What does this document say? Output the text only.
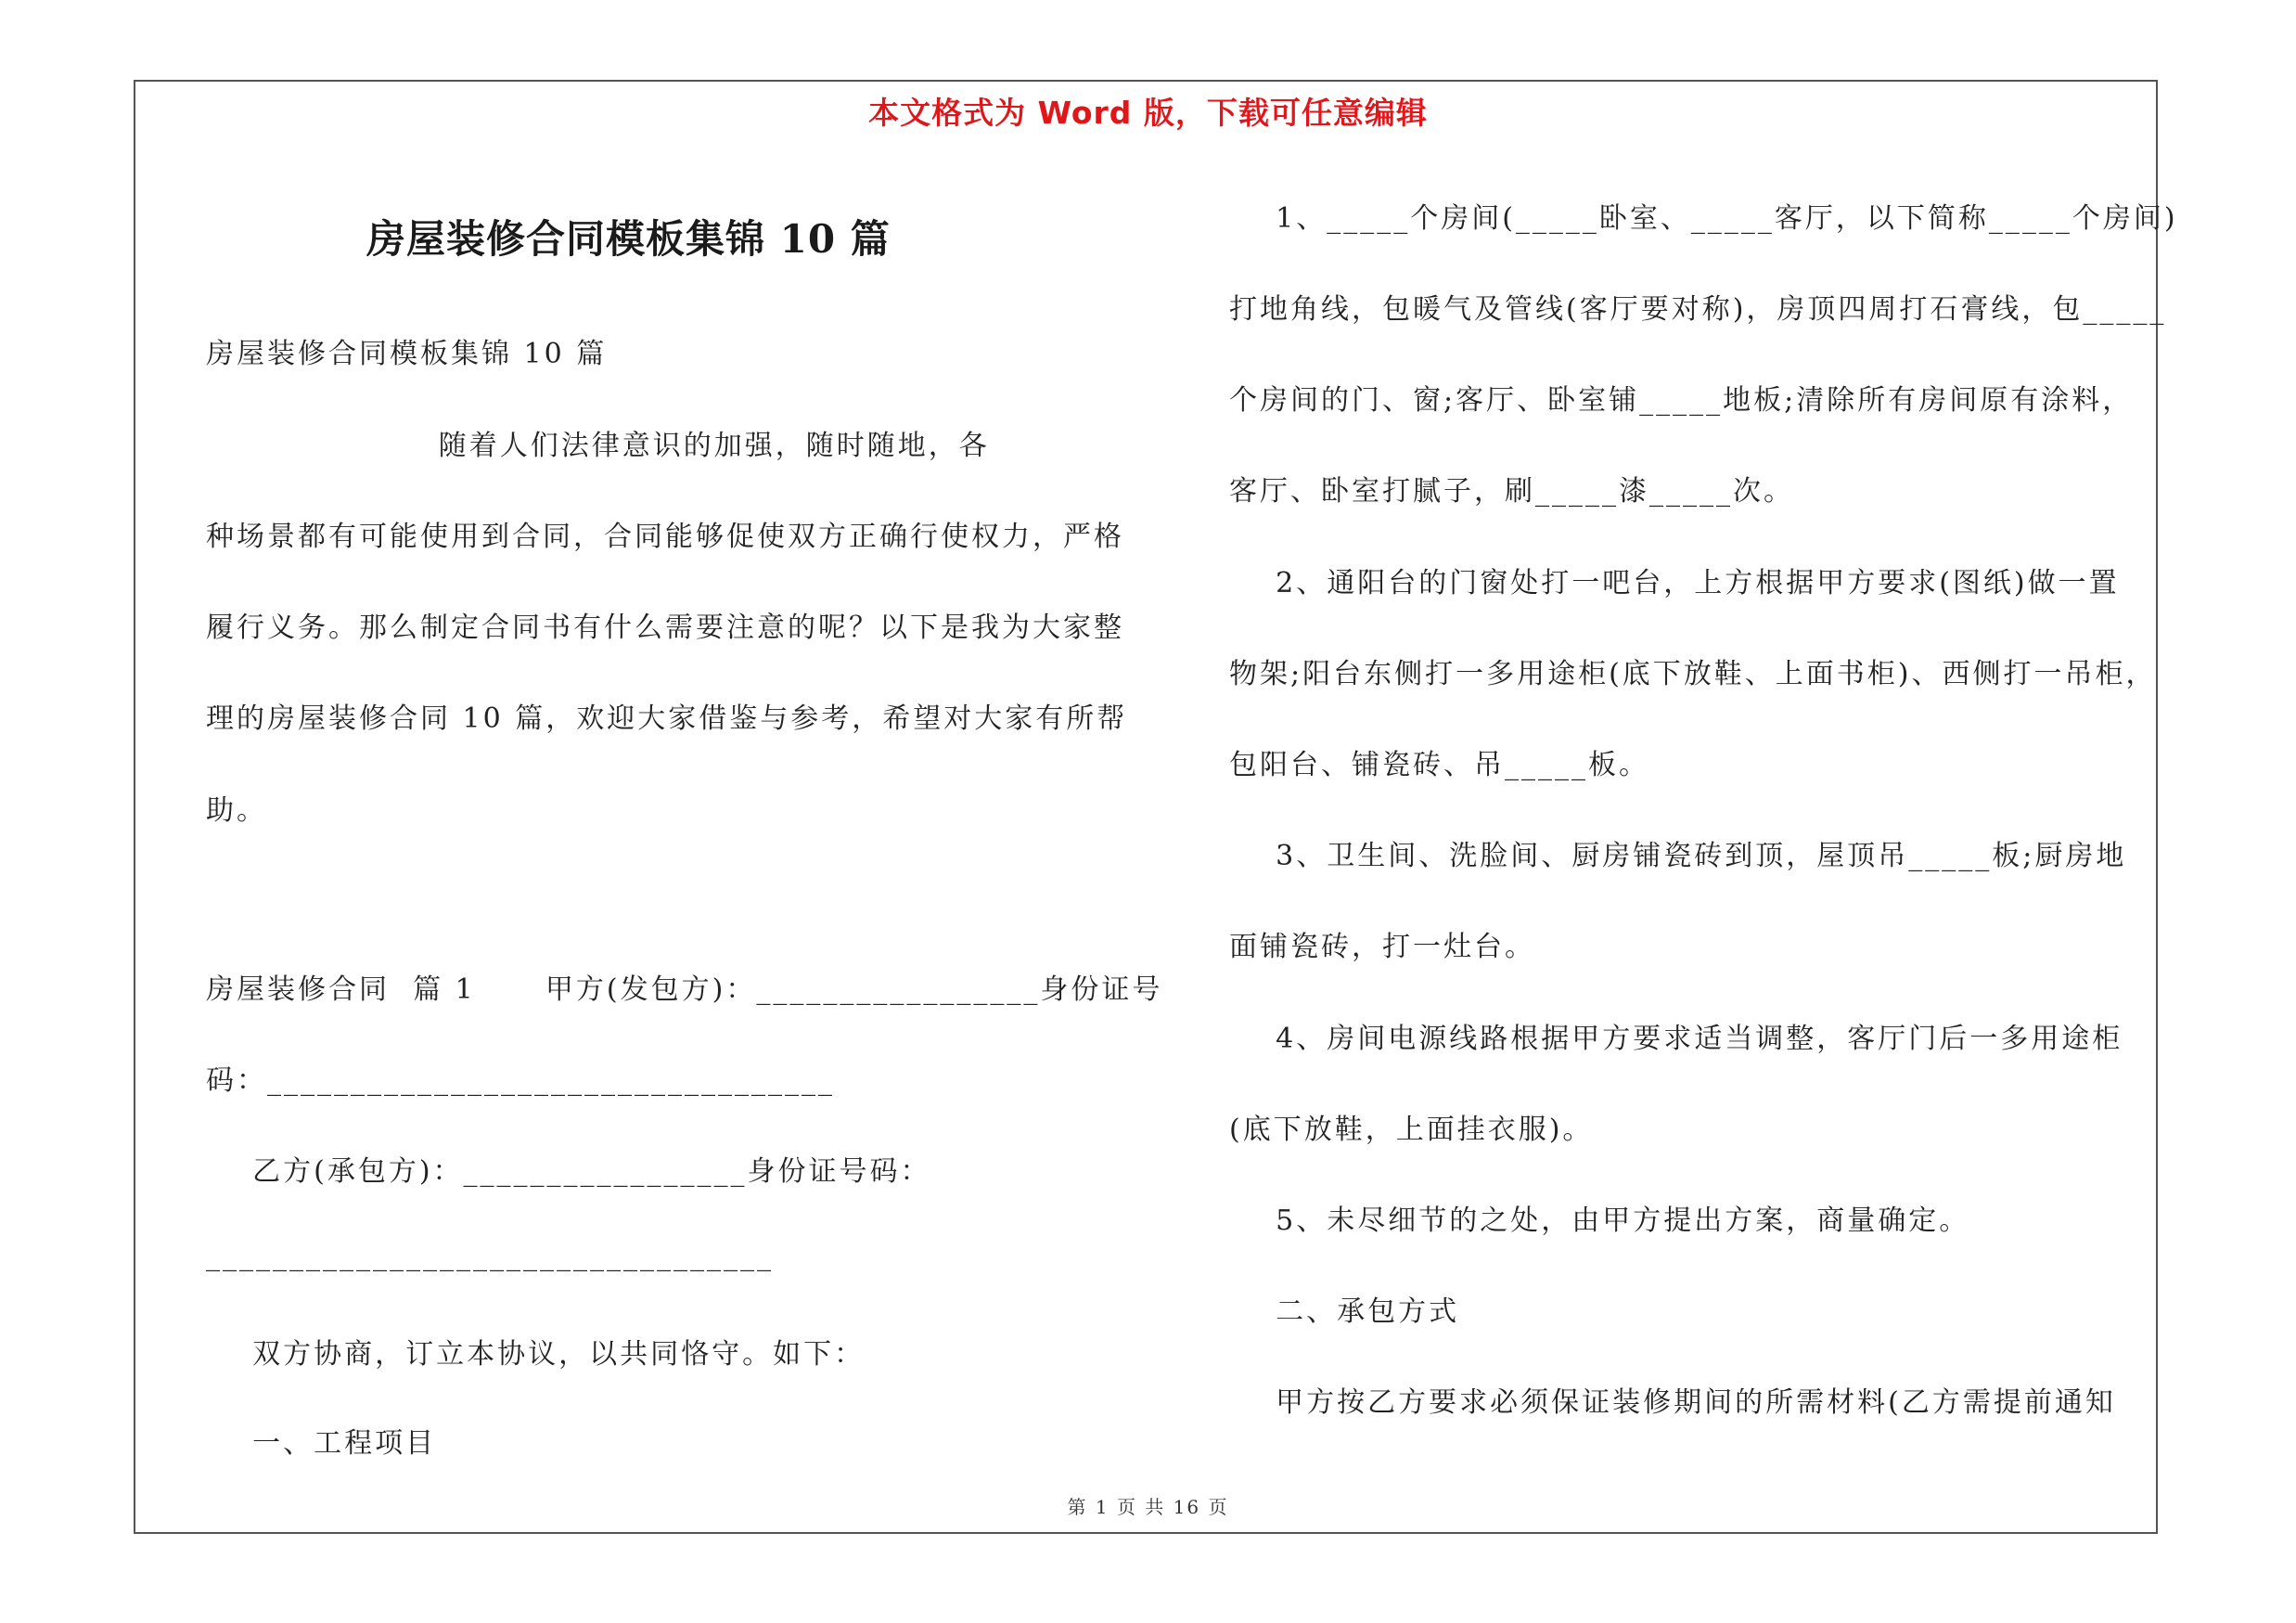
本文格式为 Word 版，下载可任意编辑
房屋装修合同模板集锦 10 篇

房屋装修合同模板集锦 10 篇

随着人们法律意识的加强，随时随地，各

种场景都有可能使用到合同，合同能够促使双方正确行使权力，严格

履行义务。那么制定合同书有什么需要注意的呢？以下是我为大家整

理的房屋装修合同 10 篇，欢迎大家借鉴与参考，希望对大家有所帮

助。

房屋装修合同  篇 1      甲方(发包方)：_________________身份证号

码：__________________________________

乙方(承包方)：_________________身份证号码：

__________________________________

双方协商，订立本协议，以共同恪守。如下：

一、工程项目

1、_____个房间(_____卧室、_____客厅，以下简称_____个房间)

打地角线，包暖气及管线(客厅要对称)，房顶四周打石膏线，包_____

个房间的门、窗;客厅、卧室铺_____地板;清除所有房间原有涂料，

客厅、卧室打腻子，刷_____漆_____次。

2、通阳台的门窗处打一吧台，上方根据甲方要求(图纸)做一置

物架;阳台东侧打一多用途柜(底下放鞋、上面书柜)、西侧打一吊柜，

包阳台、铺瓷砖、吊_____板。

3、卫生间、洗脸间、厨房铺瓷砖到顶，屋顶吊_____板;厨房地

面铺瓷砖，打一灶台。

4、房间电源线路根据甲方要求适当调整，客厅门后一多用途柜

(底下放鞋，上面挂衣服)。

5、未尽细节的之处，由甲方提出方案，商量确定。

二、承包方式

甲方按乙方要求必须保证装修期间的所需材料(乙方需提前通知

第 1 页 共 16 页
